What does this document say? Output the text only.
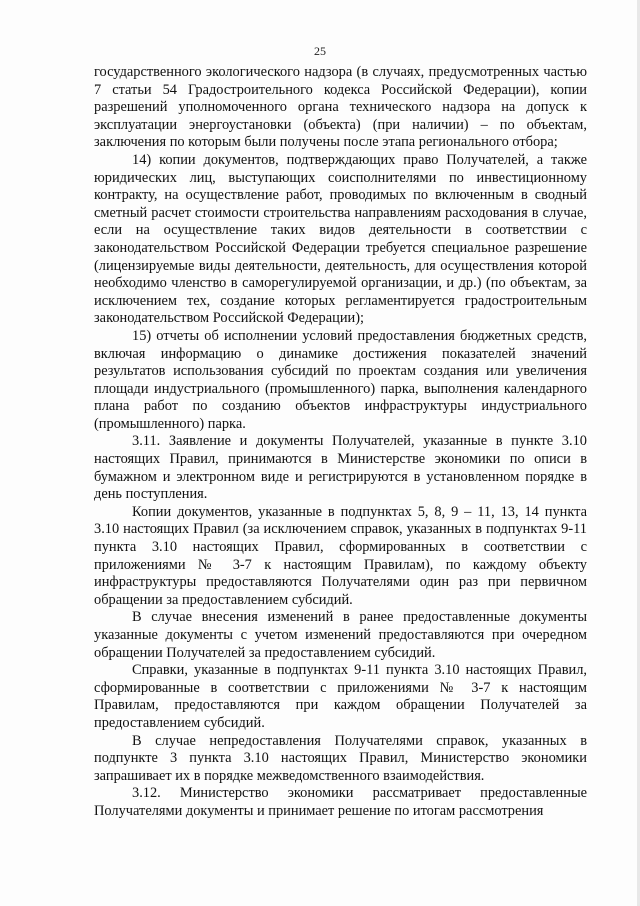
25

государственного экологического надзора (в случаях, предусмотренных частью 7 статьи 54 Градостроительного кодекса Российской Федерации), копии разрешений уполномоченного органа технического надзора на допуск к эксплуатации энергоустановки (объекта) (при наличии) – по объектам, заключения по которым были получены после этапа регионального отбора;

14) копии документов, подтверждающих право Получателей, а также юридических лиц, выступающих соисполнителями по инвестиционному контракту, на осуществление работ, проводимых по включенным в сводный сметный расчет стоимости строительства направлениям расходования в случае, если на осуществление таких видов деятельности в соответствии с законодательством Российской Федерации требуется специальное разрешение (лицензируемые виды деятельности, деятельность, для осуществления которой необходимо членство в саморегулируемой организации, и др.) (по объектам, за исключением тех, создание которых регламентируется градостроительным законодательством Российской Федерации);

15) отчеты об исполнении условий предоставления бюджетных средств, включая информацию о динамике достижения показателей значений результатов использования субсидий по проектам создания или увеличения площади индустриального (промышленного) парка, выполнения календарного плана работ по созданию объектов инфраструктуры индустриального (промышленного) парка.

3.11. Заявление и документы Получателей, указанные в пункте 3.10 настоящих Правил, принимаются в Министерстве экономики по описи в бумажном и электронном виде и регистрируются в установленном порядке в день поступления.

Копии документов, указанные в подпунктах 5, 8, 9 – 11, 13, 14 пункта 3.10 настоящих Правил (за исключением справок, указанных в подпунктах 9-11 пункта 3.10 настоящих Правил, сформированных в соответствии с приложениями № 3-7 к настоящим Правилам), по каждому объекту инфраструктуры предоставляются Получателями один раз при первичном обращении за предоставлением субсидий.

В случае внесения изменений в ранее предоставленные документы указанные документы с учетом изменений предоставляются при очередном обращении Получателей за предоставлением субсидий.

Справки, указанные в подпунктах 9-11 пункта 3.10 настоящих Правил, сформированные в соответствии с приложениями № 3-7 к настоящим Правилам, предоставляются при каждом обращении Получателей за предоставлением субсидий.

В случае непредоставления Получателями справок, указанных в подпункте 3 пункта 3.10 настоящих Правил, Министерство экономики запрашивает их в порядке межведомственного взаимодействия.

3.12. Министерство экономики рассматривает предоставленные Получателями документы и принимает решение по итогам рассмотрения
